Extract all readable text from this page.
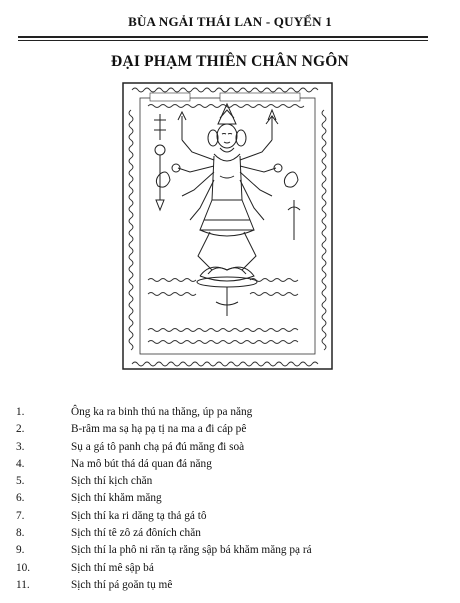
BÙA NGẢI THÁI LAN - QUYỂN 1
ĐẠI PHẠM THIÊN CHÂN NGÔN
1.	Ông ka ra binh thú na thăng, úp pa năng
2.	B-râm ma sạ hạ pạ tị na ma a đi cáp pê
3.	Sụ a gá tô panh chạ pá đú măng đi soà
4.	Na mô bút thá dá quan đá năng
5.	Sịch thí kịch chăn
6.	Sịch thí khăm măng
7.	Sịch thí ka ri dăng tạ thả gá tô
8.	Sịch thí tê zô zá đôních chăn
9.	Sịch thí la phô ni răn tạ răng sập bá khăm măng pạ rá
10.	Sịch thí mê sập bá
11.	Sịch thí pá goăn tụ mê
